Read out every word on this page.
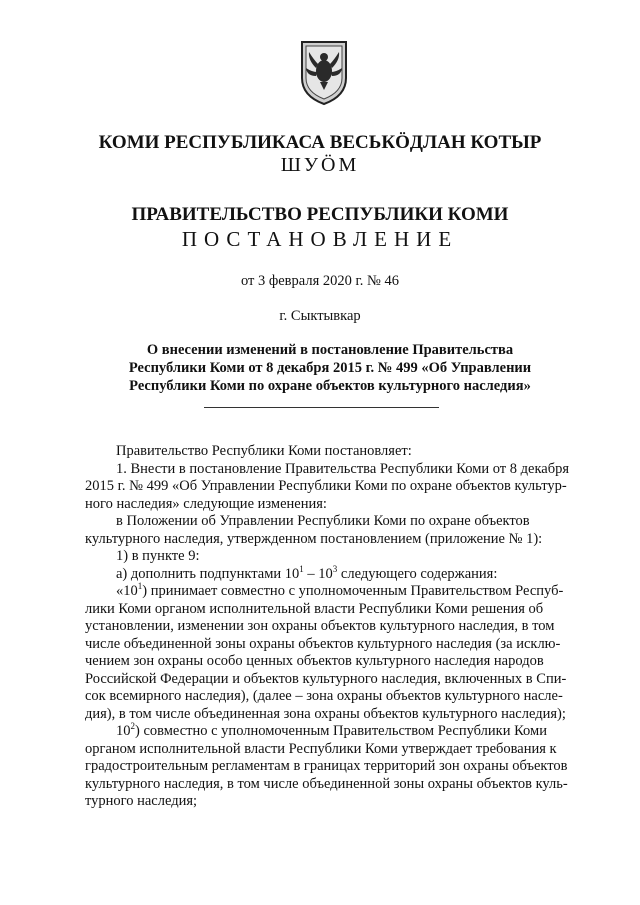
КОМИ РЕСПУБЛИКАСА ВЕСЬКӦДЛАН КОТЫР
ШУӦМ
ПРАВИТЕЛЬСТВО РЕСПУБЛИКИ КОМИ
ПОСТАНОВЛЕНИЕ
от 3 февраля 2020 г. № 46
г. Сыктывкар
О внесении изменений в постановление Правительства
Республики Коми от 8 декабря 2015 г. № 499 «Об Управлении
Республики Коми по охране объектов культурного наследия»
Правительство Республики Коми постановляет:
1. Внести в постановление Правительства Республики Коми от 8 декабря
2015 г. № 499 «Об Управлении Республики Коми по охране объектов культур-
ного наследия» следующие изменения:
в Положении об Управлении Республики Коми по охране объектов
культурного наследия, утвержденном постановлением (приложение № 1):
1) в пункте 9:
а) дополнить подпунктами $10^1 - 10^3$ следующего содержания:
«$10^1$) принимает совместно с уполномоченным Правительством Респуб-
лики Коми органом исполнительной власти Республики Коми решения об
установлении, изменении зон охраны объектов культурного наследия, в том
числе объединенной зоны охраны объектов культурного наследия (за исклю-
чением зон охраны особо ценных объектов культурного наследия народов
Российской Федерации и объектов культурного наследия, включенных в Спи-
сок всемирного наследия), (далее – зона охраны объектов культурного насле-
дия), в том числе объединенная зона охраны объектов культурного наследия);
$10^2$) совместно с уполномоченным Правительством Республики Коми
органом исполнительной власти Республики Коми утверждает требования к
градостроительным регламентам в границах территорий зон охраны объектов
культурного наследия, в том числе объединенной зоны охраны объектов куль-
турного наследия;
